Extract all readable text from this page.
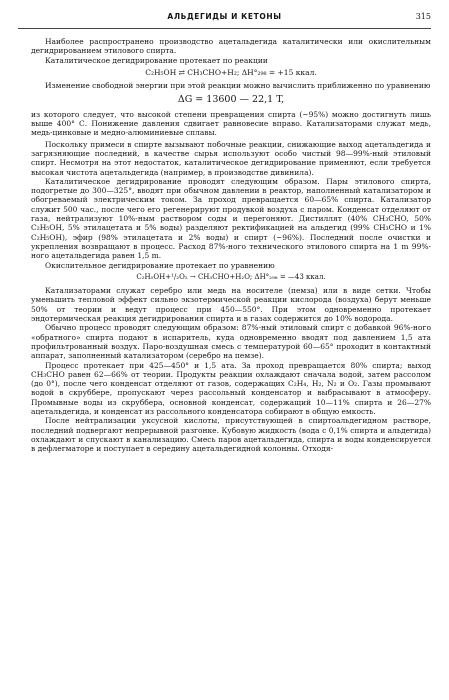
АЛЬДЕГИДЫ И КЕТОНЫ	315

Наиболее распространено производство ацетальдегида каталитически или окислительным дегидрированием этилового спирта.

Каталитическое дегидрирование протекает по реакции

C₂H₅OH ⇄ CH₃CHO+H₂; ΔH°₂₉₈ = +15 ккал.

Изменение свободной энергии при этой реакции можно вычислить приближенно по уравнению

ΔG = 13600 — 22,1 T,

из которого следует, что высокой степени превращения спирта (~95%) можно достигнуть лишь выше 400° С. Понижение давления сдвигает равновесие вправо. Катализаторами служат медь, медь-цинковые и медно-алюминиевые сплавы.

Поскольку примеси в спирте вызывают побочные реакции, снижающие выход ацетальдегида и загрязняющие последний, в качестве сырья используют особо чистый 98—99%-ный этиловый спирт. Несмотря на этот недостаток, каталитическое дегидрирование применяют, если требуется высокая чистота ацетальдегида (например, в производстве дивинила).

Каталитическое дегидрирование проводят следующим образом. Пары этилового спирта, подогретые до 300—325°, вводят при обычном давлении в реактор, наполненный катализатором и обогреваемый электрическим током. За проход превращается 60—65% спирта. Катализатор служит 500 час., после чего его регенерируют продувкой воздуха с паром. Конденсат отделяют от газа, нейтрализуют 10%-ным раствором соды и перегоняют. Дистиллят (40% CH₃CHO, 50% C₂H₅OH, 5% этилацетата и 5% воды) разделяют ректификацией на альдегид (99% CH₃CHO и 1% C₂H₅OH), эфир (98% этилацетата и 2% воды) и спирт (~96%). Последний после очистки и укрепления возвращают в процесс. Расход 87%-ного технического этилового спирта на 1 m 99%-ного ацетальдегида равен 1,5 m.

Окислительное дегидрирование протекает по уравнению

C₂H₅OH+¹/₂O₂ → CH₃CHO+H₂O; ΔH°₂₉₈ = —43 ккал.

Катализаторами служат серебро или медь на носителе (пемза) или в виде сетки. Чтобы уменьшить тепловой эффект сильно экзотермической реакции кислорода (воздуха) берут меньше 50% от теории и ведут процесс при 450—550°. При этом одновременно протекает эндотермическая реакция дегидрирования спирта и в газах содержится до 10% водорода.

Обычно процесс проводят следующим образом: 87%-ный этиловый спирт с добавкой 96%-ного «обратного» спирта подают в испаритель, куда одновременно вводят под давлением 1,5 ата профильтрованный воздух. Паро-воздушная смесь с температурой 60—65° проходит в контактный аппарат, заполненный катализатором (серебро на пемзе).

Процесс протекает при 425—450° и 1,5 ата. За проход превращается 80% спирта; выход CH₃CHO равен 62—66% от теории. Продукты реакции охлаждают сначала водой, затем рассолом (до 0°), после чего конденсат отделяют от газов, содержащих C₂H₄, H₂, N₂ и O₂. Газы промывают водой в скруббере, пропускают через рассольный конденсатор и выбрасывают в атмосферу. Промывные воды из скруббера, основной конденсат, содержащий 10—11% спирта и 26—27% ацетальдегида, и конденсат из рассольного конденсатора собирают в общую емкость.

После нейтрализации уксусной кислоты, присутствующей в спиртоальдегидном растворе, последний подвергают непрерывной разгонке. Кубовую жидкость (вода с 0,1% спирта и альдегида) охлаждают и спускают в канализацию. Смесь паров ацетальдегида, спирта и воды конденсируется в дефлегматоре и поступает в середину ацетальдегидной колонны. Отходя-
